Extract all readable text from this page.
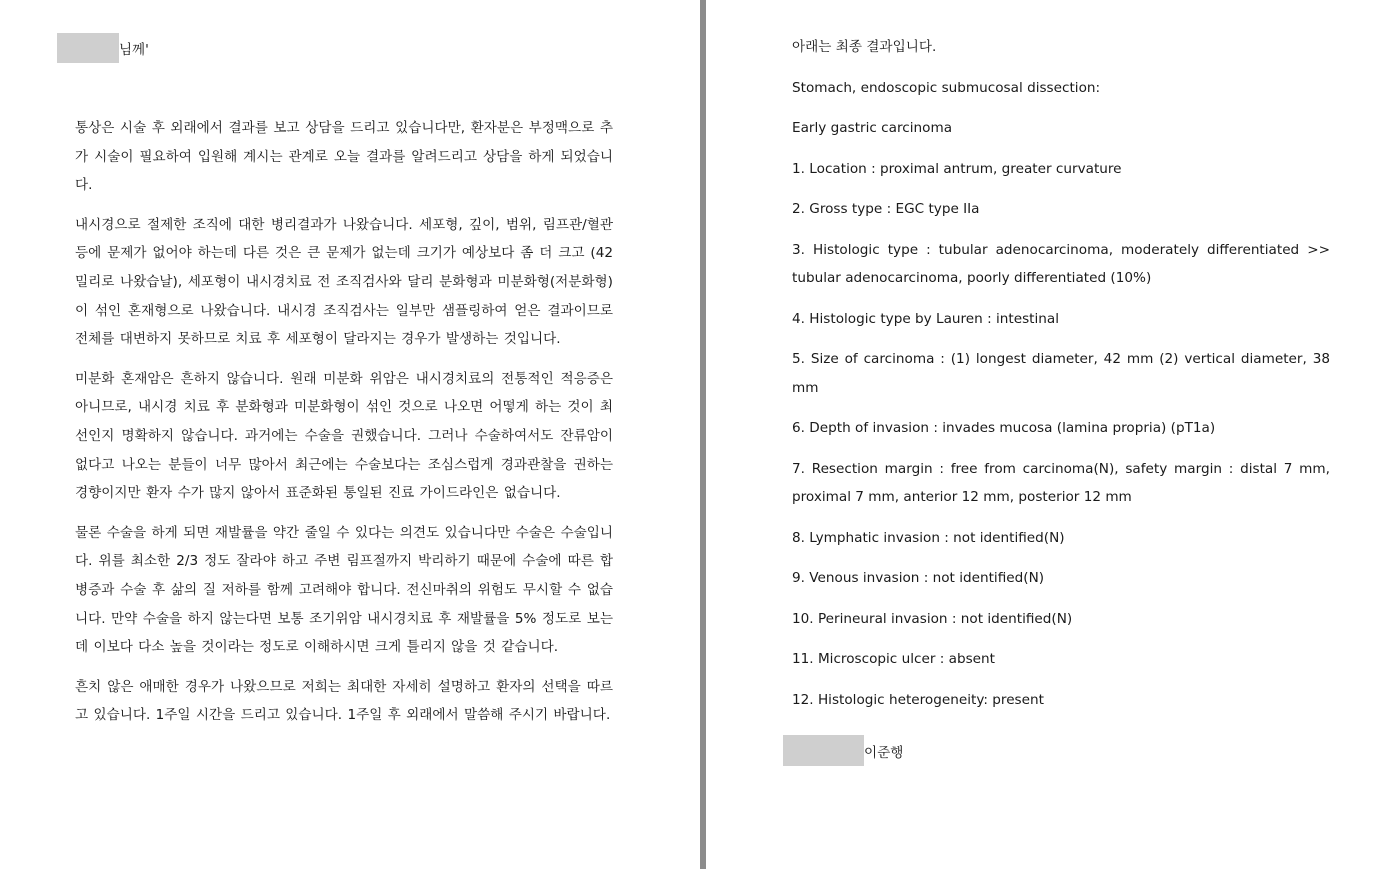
님께'

통상은 시술 후 외래에서 결과를 보고 상담을 드리고 있습니다만, 환자분은 부정맥으로 추가 시술이 필요하여 입원해 계시는 관계로 오늘 결과를 알려드리고 상담을 하게 되었습니다.

내시경으로 절제한 조직에 대한 병리결과가 나왔습니다. 세포형, 깊이, 범위, 림프관/혈관 등에 문제가 없어야 하는데 다른 것은 큰 문제가 없는데 크기가 예상보다 좀 더 크고 (42밀리로 나왔습날), 세포형이 내시경치료 전 조직검사와 달리 분화형과 미분화형(저분화형)이 섞인 혼재형으로 나왔습니다. 내시경 조직검사는 일부만 샘플링하여 얻은 결과이므로 전체를 대변하지 못하므로 치료 후 세포형이 달라지는 경우가 발생하는 것입니다.

미분화 혼재암은 흔하지 않습니다. 원래 미분화 위암은 내시경치료의 전통적인 적응증은 아니므로, 내시경 치료 후 분화형과 미분화형이 섞인 것으로 나오면 어떻게 하는 것이 최선인지 명확하지 않습니다. 과거에는 수술을 권했습니다. 그러나 수술하여서도 잔류암이 없다고 나오는 분들이 너무 많아서 최근에는 수술보다는 조심스럽게 경과관찰을 권하는 경향이지만 환자 수가 많지 않아서 표준화된 통일된 진료 가이드라인은 없습니다.

물론 수술을 하게 되면 재발률을 약간 줄일 수 있다는 의견도 있습니다만 수술은 수술입니다. 위를 최소한 2/3 정도 잘라야 하고 주변 림프절까지 박리하기 때문에 수술에 따른 합병증과 수술 후 삶의 질 저하를 함께 고려해야 합니다. 전신마취의 위험도 무시할 수 없습니다. 만약 수술을 하지 않는다면 보통 조기위암 내시경치료 후 재발률을 5% 정도로 보는데 이보다 다소 높을 것이라는 정도로 이해하시면 크게 틀리지 않을 것 같습니다.

흔치 않은 애매한 경우가 나왔으므로 저희는 최대한 자세히 설명하고 환자의 선택을 따르고 있습니다. 1주일 시간을 드리고 있습니다. 1주일 후 외래에서 말씀해 주시기 바랍니다.

아래는 최종 결과입니다.

Stomach, endoscopic submucosal dissection:

Early gastric carcinoma

1. Location : proximal antrum, greater curvature

2. Gross type : EGC type IIa

3. Histologic type : tubular adenocarcinoma, moderately differentiated >> tubular adenocarcinoma, poorly differentiated (10%)

4. Histologic type by Lauren : intestinal

5. Size of carcinoma : (1) longest diameter, 42 mm (2) vertical diameter, 38 mm

6. Depth of invasion : invades mucosa (lamina propria) (pT1a)

7. Resection margin : free from carcinoma(N), safety margin : distal 7 mm, proximal 7 mm, anterior 12 mm, posterior 12 mm

8. Lymphatic invasion : not identified(N)

9. Venous invasion : not identified(N)

10. Perineural invasion : not identified(N)

11. Microscopic ulcer : absent

12. Histologic heterogeneity: present

이준행
